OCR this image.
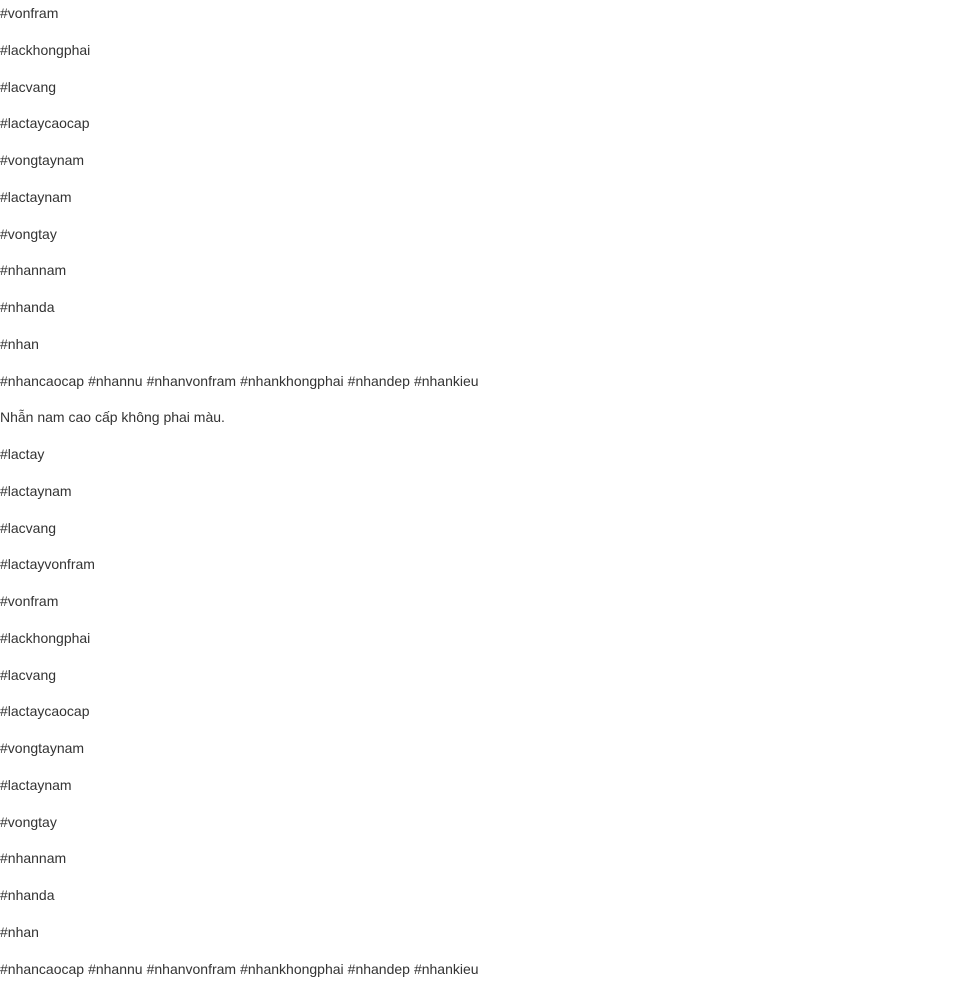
#vonfram
#lackhongphai
#lacvang
#lactaycaocap
#vongtaynam
#lactaynam
#vongtay
#nhannam
#nhanda
#nhan
#nhancaocap #nhannu #nhanvonfram #nhankhongphai #nhandep #nhankieu
Nhẫn nam cao cấp không phai màu.
#lactay
#lactaynam
#lacvang
#lactayvonfram
#vonfram
#lackhongphai
#lacvang
#lactaycaocap
#vongtaynam
#lactaynam
#vongtay
#nhannam
#nhanda
#nhan
#nhancaocap #nhannu #nhanvonfram #nhankhongphai #nhandep #nhankieu
